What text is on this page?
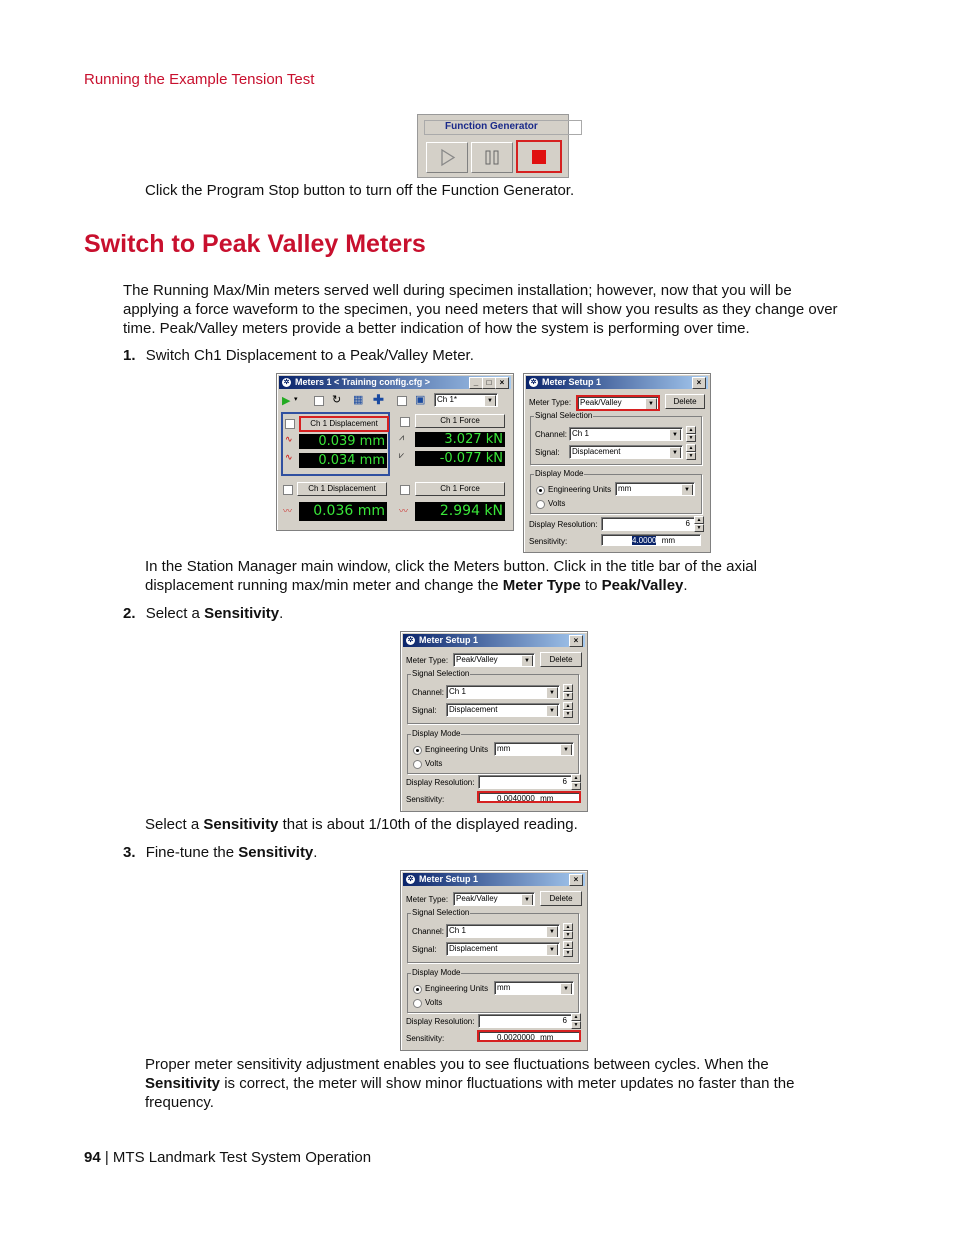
Running the Example Tension Test
Function Generator
Click the Program Stop button to turn off the Function Generator.
Switch to Peak Valley Meters
The Running Max/Min meters served well during specimen installation; however, now that you will be applying a force waveform to the specimen, you need meters that will show you results as they change over time. Peak/Valley meters provide a better indication of how the system is performing over time.
1. Switch Ch1 Displacement to a Peak/Valley Meter.
✲ Meters 1 < Training config.cfg >	_	□	×
▶ ▾	↻ ▦ ✚	▣	Ch 1*	▼
Ch 1 Displacement
∿
∿
0.039 mm
0.034 mm
Ch 1 Force
⩘
⩗
3.027 kN
-0.077 kN
Ch 1 Displacement
〰	0.036 mm
Ch 1 Force
〰	2.994 kN
✲ Meter Setup 1	×
Meter Type:	Peak/Valley	▼	Delete
Signal Selection
Channel: Ch 1	▼
▲
▼
Signal:	Displacement	▼
▲
▼
Display Mode
Engineering Units mm	▼
Volts
Display Resolution:	6	▲
▼
Sensitivity:	4.0000 mm
In the Station Manager main window, click the Meters button. Click in the title bar of the axial displacement running max/min meter and change the Meter Type to Peak/Valley.
2. Select a Sensitivity.
✲ Meter Setup 1	×
Meter Type: Peak/Valley	▼	Delete
Signal Selection
Channel: Ch 1	▼
▲
▼
Signal:	Displacement	▼
▲
▼
Display Mode
Engineering Units	mm	▼
Volts
Display Resolution:	6	▲
▼
Sensitivity:	0.0040000 mm
Select a Sensitivity that is about 1/10th of the displayed reading.
3. Fine-tune the Sensitivity.
✲ Meter Setup 1	×
Meter Type: Peak/Valley	▼	Delete
Signal Selection
Channel: Ch 1	▼
▲
▼
Signal:	Displacement	▼
▲
▼
Display Mode
Engineering Units	mm	▼
Volts
Display Resolution:	6	▲
▼
Sensitivity:	0.0020000 mm
Proper meter sensitivity adjustment enables you to see fluctuations between cycles. When the Sensitivity is correct, the meter will show minor fluctuations with meter updates no faster than the frequency.
94 | MTS Landmark Test System Operation
